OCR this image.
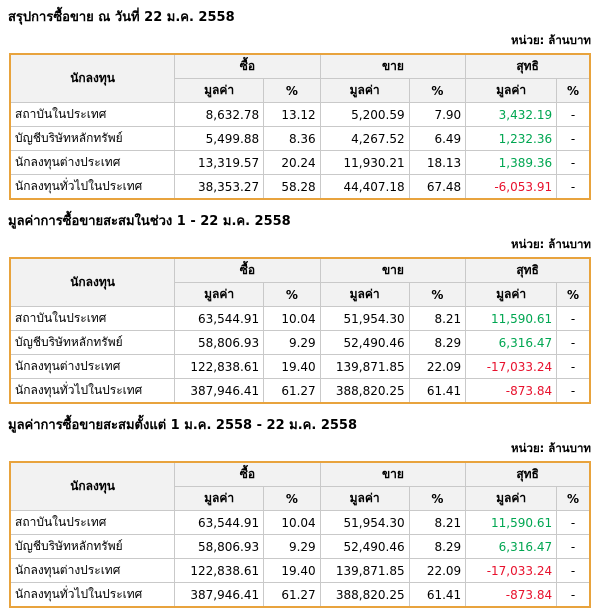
สรุปการซื้อขาย ณ วันที่ 22 ม.ค. 2558
หน่วย: ล้านบาท
นักลงทุน	ซื้อ		ขาย		สุทธิ	
	มูลค่า	%	มูลค่า	%	มูลค่า	%
สถาบันในประเทศ	8,632.78	13.12	5,200.59	7.90	3,432.19	-
บัญชีบริษัทหลักทรัพย์	5,499.88	8.36	4,267.52	6.49	1,232.36	-
นักลงทุนต่างประเทศ	13,319.57	20.24	11,930.21	18.13	1,389.36	-
นักลงทุนทั่วไปในประเทศ	38,353.27	58.28	44,407.18	67.48	-6,053.91	-
มูลค่าการซื้อขายสะสมในช่วง 1 - 22 ม.ค. 2558
หน่วย: ล้านบาท
นักลงทุน	ซื้อ		ขาย		สุทธิ	
	มูลค่า	%	มูลค่า	%	มูลค่า	%
สถาบันในประเทศ	63,544.91	10.04	51,954.30	8.21	11,590.61	-
บัญชีบริษัทหลักทรัพย์	58,806.93	9.29	52,490.46	8.29	6,316.47	-
นักลงทุนต่างประเทศ	122,838.61	19.40	139,871.85	22.09	-17,033.24	-
นักลงทุนทั่วไปในประเทศ	387,946.41	61.27	388,820.25	61.41	-873.84	-
มูลค่าการซื้อขายสะสมตั้งแต่ 1 ม.ค. 2558 - 22 ม.ค. 2558
หน่วย: ล้านบาท
นักลงทุน	ซื้อ		ขาย		สุทธิ	
	มูลค่า	%	มูลค่า	%	มูลค่า	%
สถาบันในประเทศ	63,544.91	10.04	51,954.30	8.21	11,590.61	-
บัญชีบริษัทหลักทรัพย์	58,806.93	9.29	52,490.46	8.29	6,316.47	-
นักลงทุนต่างประเทศ	122,838.61	19.40	139,871.85	22.09	-17,033.24	-
นักลงทุนทั่วไปในประเทศ	387,946.41	61.27	388,820.25	61.41	-873.84	-
